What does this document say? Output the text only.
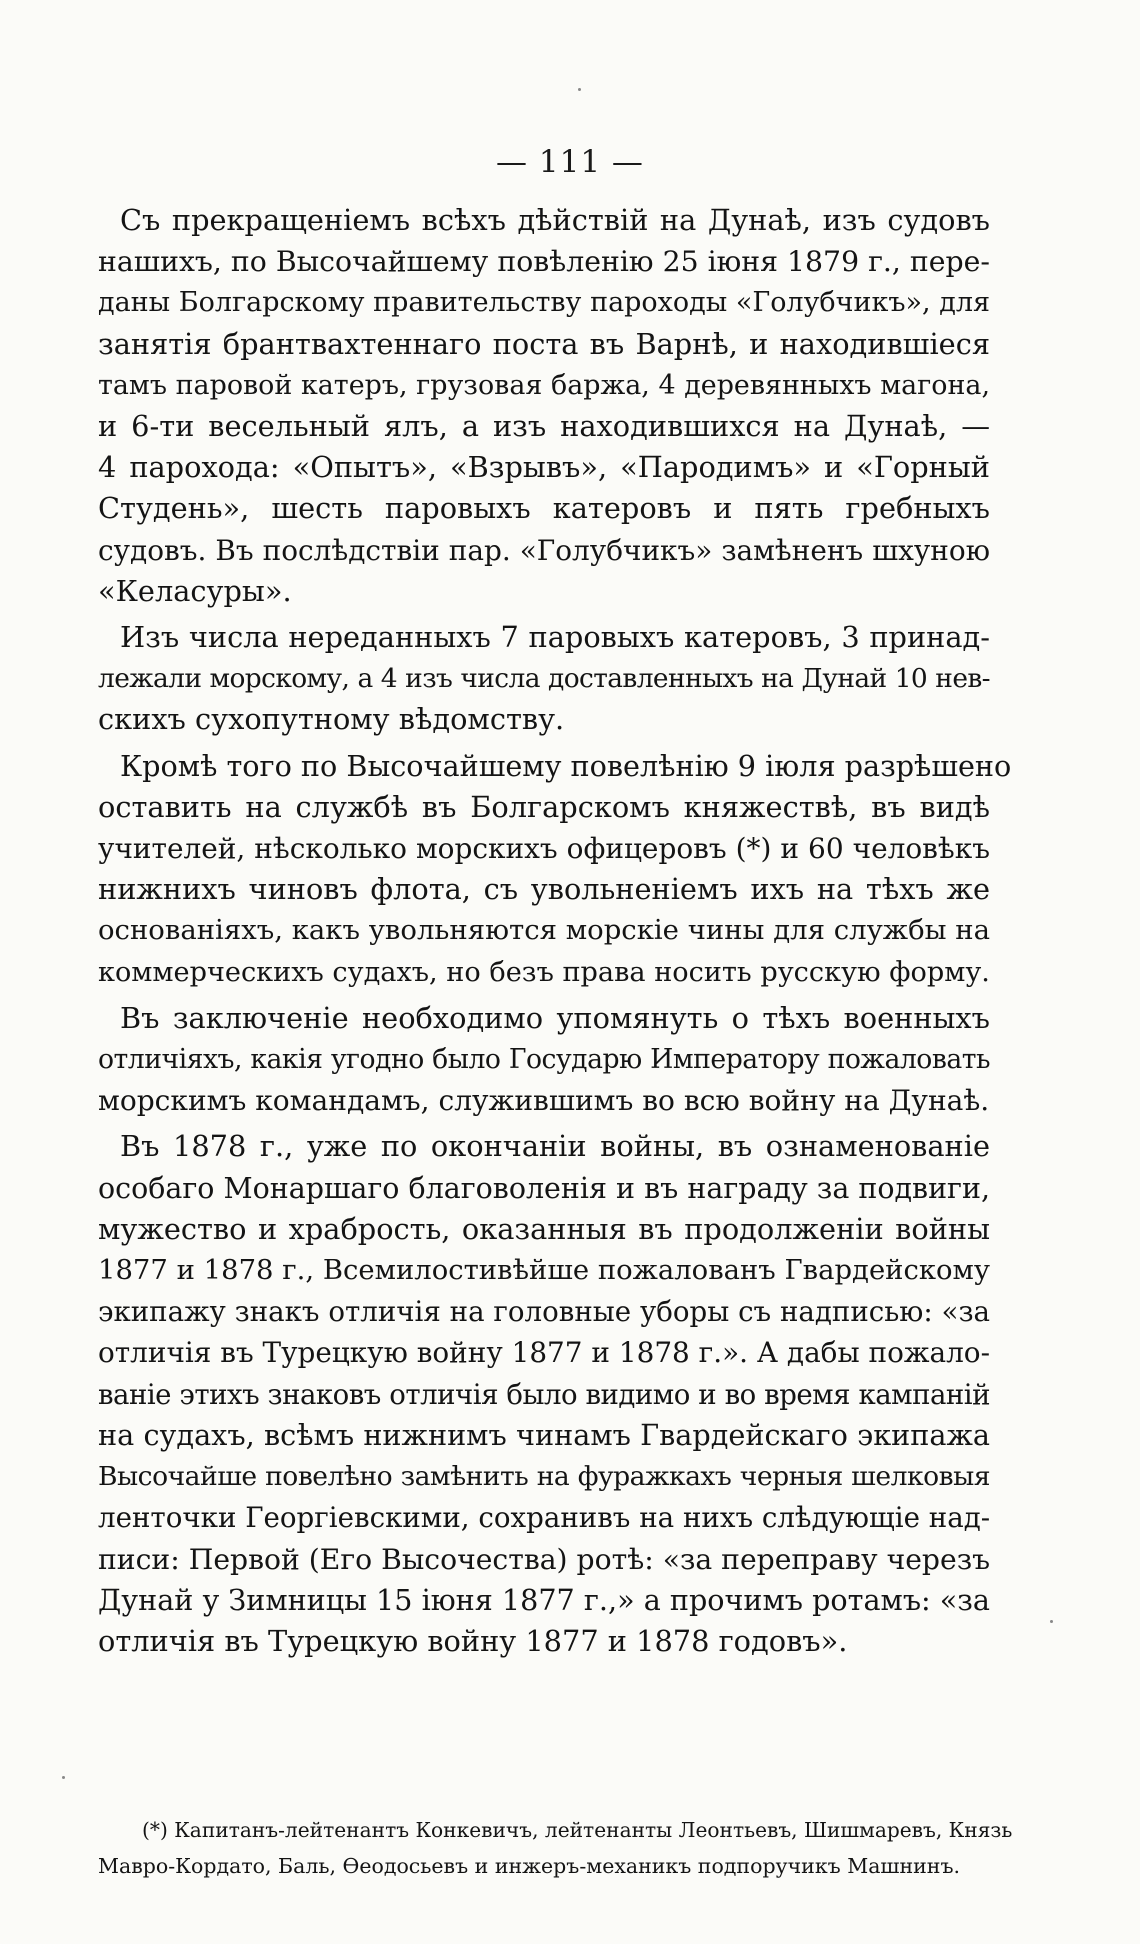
— 111 —
Съ прекращеніемъ всѣхъ дѣйствій на Дунаѣ, изъ судовъ
нашихъ, по Высочайшему повѣленію 25 іюня 1879 г., пере-
даны Болгарскому правительству пароходы «Голубчикъ», для
занятія брантвахтеннаго поста въ Варнѣ, и находившіеся
тамъ паровой катеръ, грузовая баржа, 4 деревянныхъ магона,
и 6-ти весельный ялъ, а изъ находившихся на Дунаѣ, —
4 парохода: «Опытъ», «Взрывъ», «Пародимъ» и «Горный
Студень», шесть паровыхъ катеровъ и пять гребныхъ
судовъ. Въ послѣдствіи пар. «Голубчикъ» замѣненъ шхуною
«Келасуры».
Изъ числа нереданныхъ 7 паровыхъ катеровъ, 3 принад-
лежали морскому, а 4 изъ числа доставленныхъ на Дунай 10 нев-
скихъ сухопутному вѣдомству.
Кромѣ того по Высочайшему повелѣнію 9 іюля разрѣшено
оставить на службѣ въ Болгарскомъ княжествѣ, въ видѣ
учителей, нѣсколько морскихъ офицеровъ (*) и 60 человѣкъ
нижнихъ чиновъ флота, съ увольненіемъ ихъ на тѣхъ же
основаніяхъ, какъ увольняются морскіе чины для службы на
коммерческихъ судахъ, но безъ права носить русскую форму.
Въ заключеніе необходимо упомянуть о тѣхъ военныхъ
отличіяхъ, какія угодно было Государю Императору пожаловать
морскимъ командамъ, служившимъ во всю войну на Дунаѣ.
Въ 1878 г., уже по окончаніи войны, въ ознаменованіе
особаго Монаршаго благоволенія и въ награду за подвиги,
мужество и храбрость, оказанныя въ продолженіи войны
1877 и 1878 г., Всемилостивѣйше пожалованъ Гвардейскому
экипажу знакъ отличія на головные уборы съ надписью: «за
отличія въ Турецкую войну 1877 и 1878 г.». А дабы пожало-
ваніе этихъ знаковъ отличія было видимо и во время кампаній
на судахъ, всѣмъ нижнимъ чинамъ Гвардейскаго экипажа
Высочайше повелѣно замѣнить на фуражкахъ черныя шелковыя
ленточки Георгіевскими, сохранивъ на нихъ слѣдующіе над-
писи: Первой (Его Высочества) ротѣ: «за переправу черезъ
Дунай у Зимницы 15 іюня 1877 г.,» а прочимъ ротамъ: «за
отличія въ Турецкую войну 1877 и 1878 годовъ».
(*) Капитанъ-лейтенантъ Конкевичъ, лейтенанты Леонтьевъ, Шишмаревъ, Князь
Мавро-Кордато, Баль, Ѳеодосьевъ и инжеръ-механикъ подпоручикъ Машнинъ.
